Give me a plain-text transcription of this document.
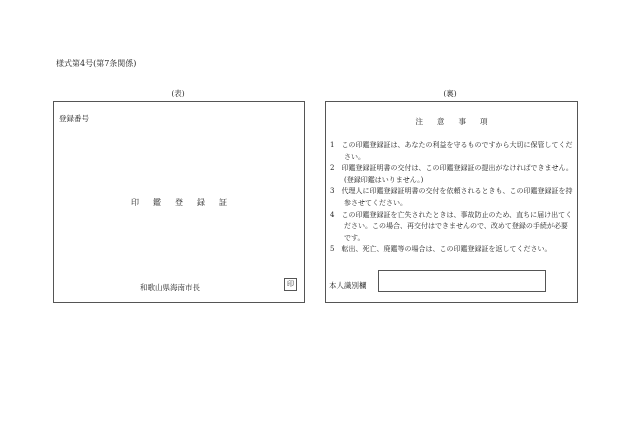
様式第4号(第7条関係)
(表)	(裏)
登録番号
印鑑登録証
和歌山県海南市長	印
注意事項

1　この印鑑登録証は、あなたの利益を守るものですから大切に保管してください。

2　印鑑登録証明書の交付は、この印鑑登録証の提出がなければできません。(登録印鑑はいりません。)

3　代理人に印鑑登録証明書の交付を依頼されるときも、この印鑑登録証を持参させてください。

4　この印鑑登録証を亡失されたときは、事故防止のため、直ちに届け出てください。この場合、再交付はできませんので、改めて登録の手続が必要です。

5　転出、死亡、廃鑑等の場合は、この印鑑登録証を返してください。

本人識別欄
